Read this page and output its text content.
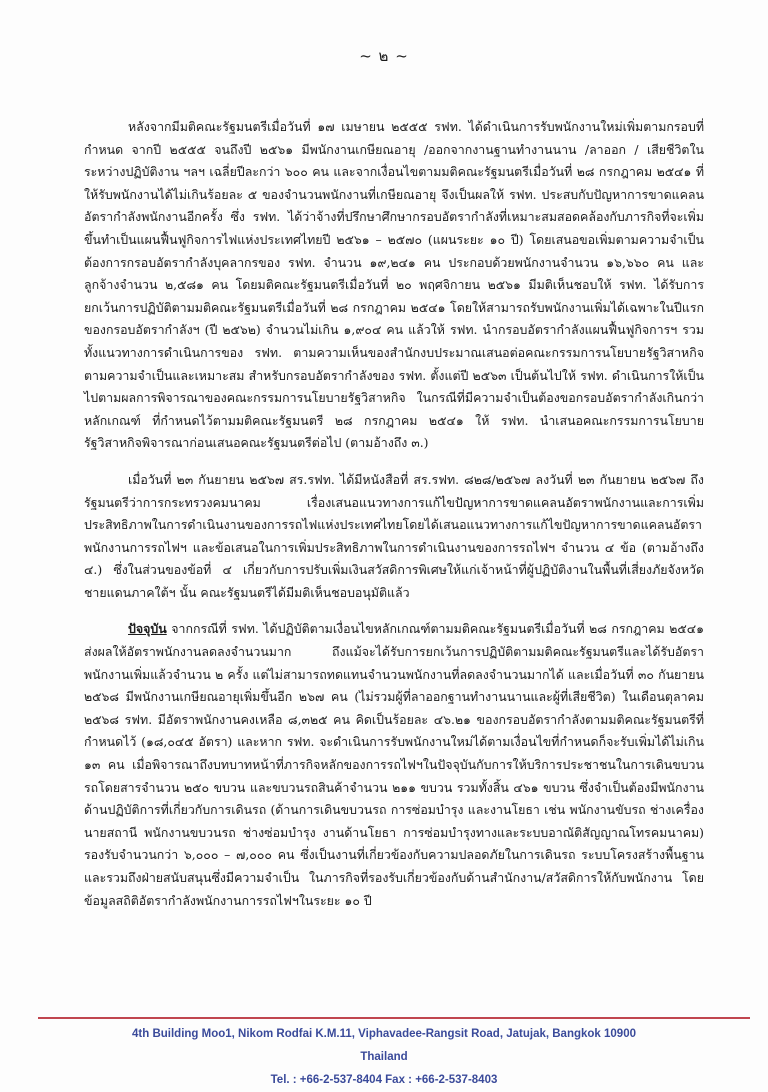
~ ๒ ~

หลังจากมีมติคณะรัฐมนตรีเมื่อวันที่ ๑๗ เมษายน ๒๕๕๕ รฟท. ได้ดำเนินการรับพนักงานใหม่เพิ่มตามกรอบที่กำหนด จากปี ๒๕๕๕ จนถึงปี ๒๕๖๑ มีพนักงานเกษียณอายุ /ออกจากงานฐานทำงานนาน /ลาออก / เสียชีวิตในระหว่างปฏิบัติงาน ฯลฯ เฉลี่ยปีละกว่า ๖๐๐ คน และจากเงื่อนไขตามมติคณะรัฐมนตรีเมื่อวันที่ ๒๘ กรกฎาคม ๒๕๔๑ ที่ให้รับพนักงานได้ไม่เกินร้อยละ ๕ ของจำนวนพนักงานที่เกษียณอายุ จึงเป็นผลให้ รฟท. ประสบกับปัญหาการขาดแคลนอัตรากำลังพนักงานอีกครั้ง ซึ่ง รฟท. ได้ว่าจ้างที่ปรึกษาศึกษากรอบอัตรากำลังที่เหมาะสมสอดคล้องกับภารกิจที่จะเพิ่มขึ้นทำเป็นแผนฟื้นฟูกิจการไฟแห่งประเทศไทยปี ๒๕๖๑ – ๒๕๗๐ (แผนระยะ ๑๐ ปี) โดยเสนอขอเพิ่มตามความจำเป็นต้องการกรอบอัตรากำลังบุคลากรของ รฟท. จำนวน ๑๙,๒๔๑ คน ประกอบด้วยพนักงานจำนวน ๑๖,๖๖๐ คน และลูกจ้างจำนวน ๒,๕๘๑ คน โดยมติคณะรัฐมนตรีเมื่อวันที่ ๒๐ พฤศจิกายน ๒๕๖๑ มีมติเห็นชอบให้ รฟท. ได้รับการยกเว้นการปฏิบัติตามมติคณะรัฐมนตรีเมื่อวันที่ ๒๘ กรกฎาคม ๒๕๔๑ โดยให้สามารถรับพนักงานเพิ่มได้เฉพาะในปีแรกของกรอบอัตรากำลังฯ (ปี ๒๕๖๒) จำนวนไม่เกิน ๑,๙๐๔ คน แล้วให้ รฟท. นำกรอบอัตรากำลังแผนฟื้นฟูกิจการฯ รวมทั้งแนวทางการดำเนินการของ รฟท. ตามความเห็นของสำนักงบประมาณเสนอต่อคณะกรรมการนโยบายรัฐวิสาหกิจตามความจำเป็นและเหมาะสม สำหรับกรอบอัตรากำลังของ รฟท. ตั้งแต่ปี ๒๕๖๓ เป็นต้นไปให้ รฟท. ดำเนินการให้เป็นไปตามผลการพิจารณาของคณะกรรมการนโยบายรัฐวิสาหกิจ ในกรณีที่มีความจำเป็นต้องขอกรอบอัตรากำลังเกินกว่าหลักเกณฑ์ ที่กำหนดไว้ตามมติคณะรัฐมนตรี ๒๘ กรกฎาคม ๒๕๔๑ ให้ รฟท. นำเสนอคณะกรรมการนโยบายรัฐวิสาหกิจพิจารณาก่อนเสนอคณะรัฐมนตรีต่อไป (ตามอ้างถึง ๓.)

เมื่อวันที่ ๒๓ กันยายน ๒๕๖๗ สร.รฟท. ได้มีหนังสือที่ สร.รฟท. ๘๒๘/๒๕๖๗ ลงวันที่ ๒๓ กันยายน ๒๕๖๗ ถึงรัฐมนตรีว่าการกระทรวงคมนาคม เรื่องเสนอแนวทางการแก้ไขปัญหาการขาดแคลนอัตราพนักงานและการเพิ่มประสิทธิภาพในการดำเนินงานของการรถไฟแห่งประเทศไทยโดยได้เสนอแนวทางการแก้ไขปัญหาการขาดแคลนอัตราพนักงานการรถไฟฯ และข้อเสนอในการเพิ่มประสิทธิภาพในการดำเนินงานของการรถไฟฯ จำนวน ๔ ข้อ (ตามอ้างถึง ๔.) ซึ่งในส่วนของข้อที่ ๔ เกี่ยวกับการปรับเพิ่มเงินสวัสดิการพิเศษให้แก่เจ้าหน้าที่ผู้ปฏิบัติงานในพื้นที่เสี่ยงภัยจังหวัดชายแดนภาคใต้ฯ นั้น คณะรัฐมนตรีได้มีมติเห็นชอบอนุมัติแล้ว

ปัจจุบัน จากกรณีที่ รฟท. ได้ปฏิบัติตามเงื่อนไขหลักเกณฑ์ตามมติคณะรัฐมนตรีเมื่อวันที่ ๒๘ กรกฎาคม ๒๕๔๑ ส่งผลให้อัตราพนักงานลดลงจำนวนมาก ถึงแม้จะได้รับการยกเว้นการปฏิบัติตามมติคณะรัฐมนตรีและได้รับอัตราพนักงานเพิ่มแล้วจำนวน ๒ ครั้ง แต่ไม่สามารถทดแทนจำนวนพนักงานที่ลดลงจำนวนมากได้ และเมื่อวันที่ ๓๐ กันยายน ๒๕๖๘ มีพนักงานเกษียณอายุเพิ่มขึ้นอีก ๒๖๗ คน (ไม่รวมผู้ที่ลาออกฐานทำงานนานและผู้ที่เสียชีวิต) ในเดือนตุลาคม ๒๕๖๘ รฟท. มีอัตราพนักงานคงเหลือ ๘,๓๒๕ คน คิดเป็นร้อยละ ๔๖.๒๑ ของกรอบอัตรากำลังตามมติคณะรัฐมนตรีที่กำหนดไว้ (๑๘,๐๔๕ อัตรา) และหาก รฟท. จะดำเนินการรับพนักงานใหม่ได้ตามเงื่อนไขที่กำหนดก็จะรับเพิ่มได้ไม่เกิน ๑๓ คน เมื่อพิจารณาถึงบทบาทหน้าที่ภารกิจหลักของการรถไฟฯในปัจจุบันกับการให้บริการประชาชนในการเดินขบวนรถโดยสารจำนวน ๒๕๐ ขบวน และขบวนรถสินค้าจำนวน ๒๑๑ ขบวน รวมทั้งสิ้น ๔๖๑ ขบวน ซึ่งจำเป็นต้องมีพนักงานด้านปฏิบัติการที่เกี่ยวกับการเดินรถ (ด้านการเดินขบวนรถ การซ่อมบำรุง และงานโยธา เช่น พนักงานขับรถ ช่างเครื่อง นายสถานี พนักงานขบวนรถ ช่างซ่อมบำรุง งานด้านโยธา การซ่อมบำรุงทางและระบบอาณัติสัญญาณโทรคมนาคม) รองรับจำนวนกว่า ๖,๐๐๐ – ๗,๐๐๐ คน ซึ่งเป็นงานที่เกี่ยวข้องกับความปลอดภัยในการเดินรถ ระบบโครงสร้างพื้นฐาน และรวมถึงฝ่ายสนับสนุนซึ่งมีความจำเป็น ในภารกิจที่รองรับเกี่ยวข้องกับด้านสำนักงาน/สวัสดิการให้กับพนักงาน โดยข้อมูลสถิติอัตรากำลังพนักงานการรถไฟฯในระยะ ๑๐ ปี

4th Building Moo1, Nikom Rodfai K.M.11, Viphavadee-Rangsit Road, Jatujak, Bangkok 10900
Thailand
Tel. : +66-2-537-8404 Fax : +66-2-537-8403
